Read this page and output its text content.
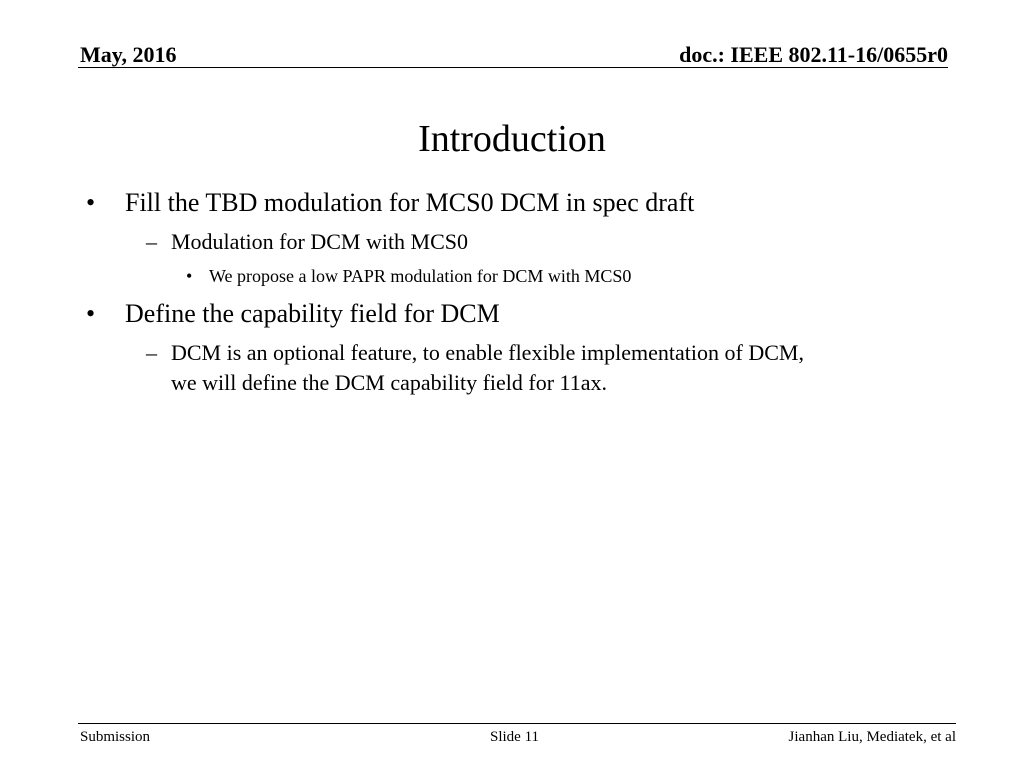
May, 2016	doc.: IEEE 802.11-16/0655r0
Introduction
• Fill the TBD modulation for MCS0 DCM in spec draft
– Modulation for DCM with MCS0
• We propose a low PAPR modulation for DCM with MCS0
• Define the capability field for DCM
– DCM is an optional feature, to enable flexible implementation of DCM,
we will define the DCM capability field for 11ax.
Submission	Slide 11	Jianhan Liu, Mediatek, et al
